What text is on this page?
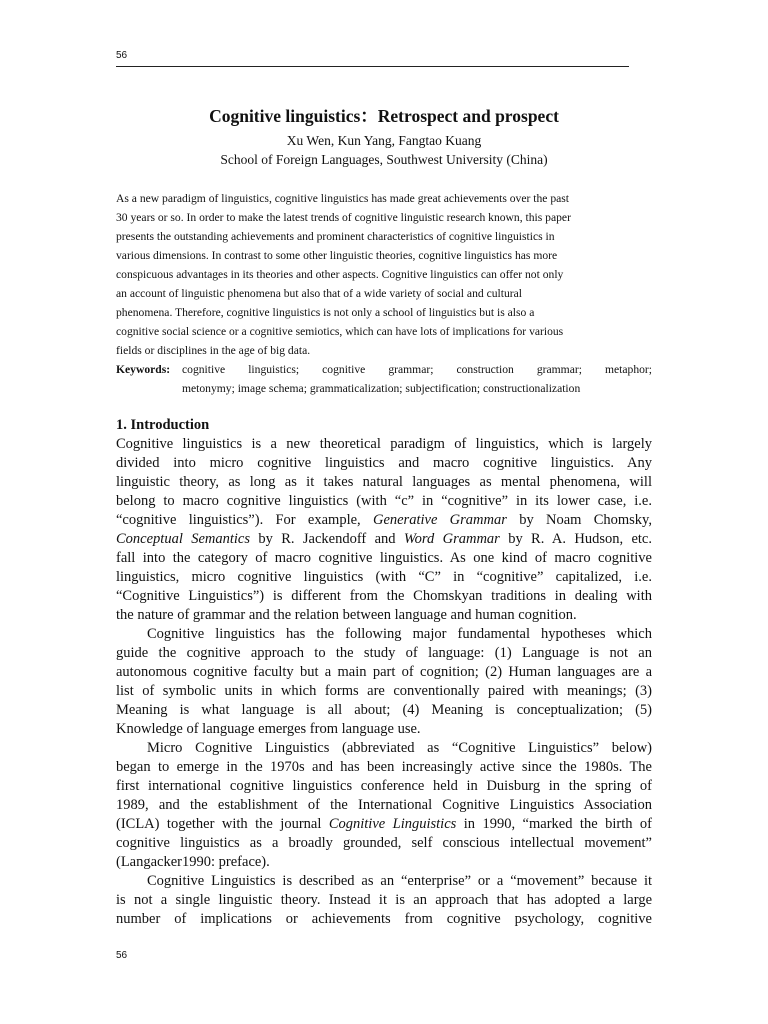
56
Cognitive linguistics：Retrospect and prospect
Xu Wen, Kun Yang, Fangtao Kuang
School of Foreign Languages, Southwest University (China)
As a new paradigm of linguistics, cognitive linguistics has made great achievements over the past
30 years or so. In order to make the latest trends of cognitive linguistic research known, this paper
presents the outstanding achievements and prominent characteristics of cognitive linguistics in
various dimensions. In contrast to some other linguistic theories, cognitive linguistics has more
conspicuous advantages in its theories and other aspects. Cognitive linguistics can offer not only
an account of linguistic phenomena but also that of a wide variety of social and cultural
phenomena. Therefore, cognitive linguistics is not only a school of linguistics but is also a
cognitive social science or a cognitive semiotics, which can have lots of implications for various
fields or disciplines in the age of big data.
Keywords:	cognitive linguistics; cognitive grammar; construction grammar; metaphor;
metonymy; image schema; grammaticalization; subjectification; constructionalization
1. Introduction
Cognitive linguistics is a new theoretical paradigm of linguistics, which is largely
divided into micro cognitive linguistics and macro cognitive linguistics. Any
linguistic theory, as long as it takes natural languages as mental phenomena, will
belong to macro cognitive linguistics (with “c” in “cognitive” in its lower case, i.e.
“cognitive linguistics”). For example, Generative Grammar by Noam Chomsky,
Conceptual Semantics by R. Jackendoff and Word Grammar by R. A. Hudson, etc.
fall into the category of macro cognitive linguistics. As one kind of macro cognitive
linguistics, micro cognitive linguistics (with “C” in “cognitive” capitalized, i.e.
“Cognitive Linguistics”) is different from the Chomskyan traditions in dealing with
the nature of grammar and the relation between language and human cognition.
Cognitive linguistics has the following major fundamental hypotheses which
guide the cognitive approach to the study of language: (1) Language is not an
autonomous cognitive faculty but a main part of cognition; (2) Human languages are a
list of symbolic units in which forms are conventionally paired with meanings; (3)
Meaning is what language is all about; (4) Meaning is conceptualization; (5)
Knowledge of language emerges from language use.
Micro Cognitive Linguistics (abbreviated as “Cognitive Linguistics” below)
began to emerge in the 1970s and has been increasingly active since the 1980s. The
first international cognitive linguistics conference held in Duisburg in the spring of
1989, and the establishment of the International Cognitive Linguistics Association
(ICLA) together with the journal Cognitive Linguistics in 1990, “marked the birth of
cognitive linguistics as a broadly grounded, self conscious intellectual movement”
(Langacker1990: preface).
Cognitive Linguistics is described as an “enterprise” or a “movement” because it
is not a single linguistic theory. Instead it is an approach that has adopted a large
number of implications or achievements from cognitive psychology, cognitive
56
